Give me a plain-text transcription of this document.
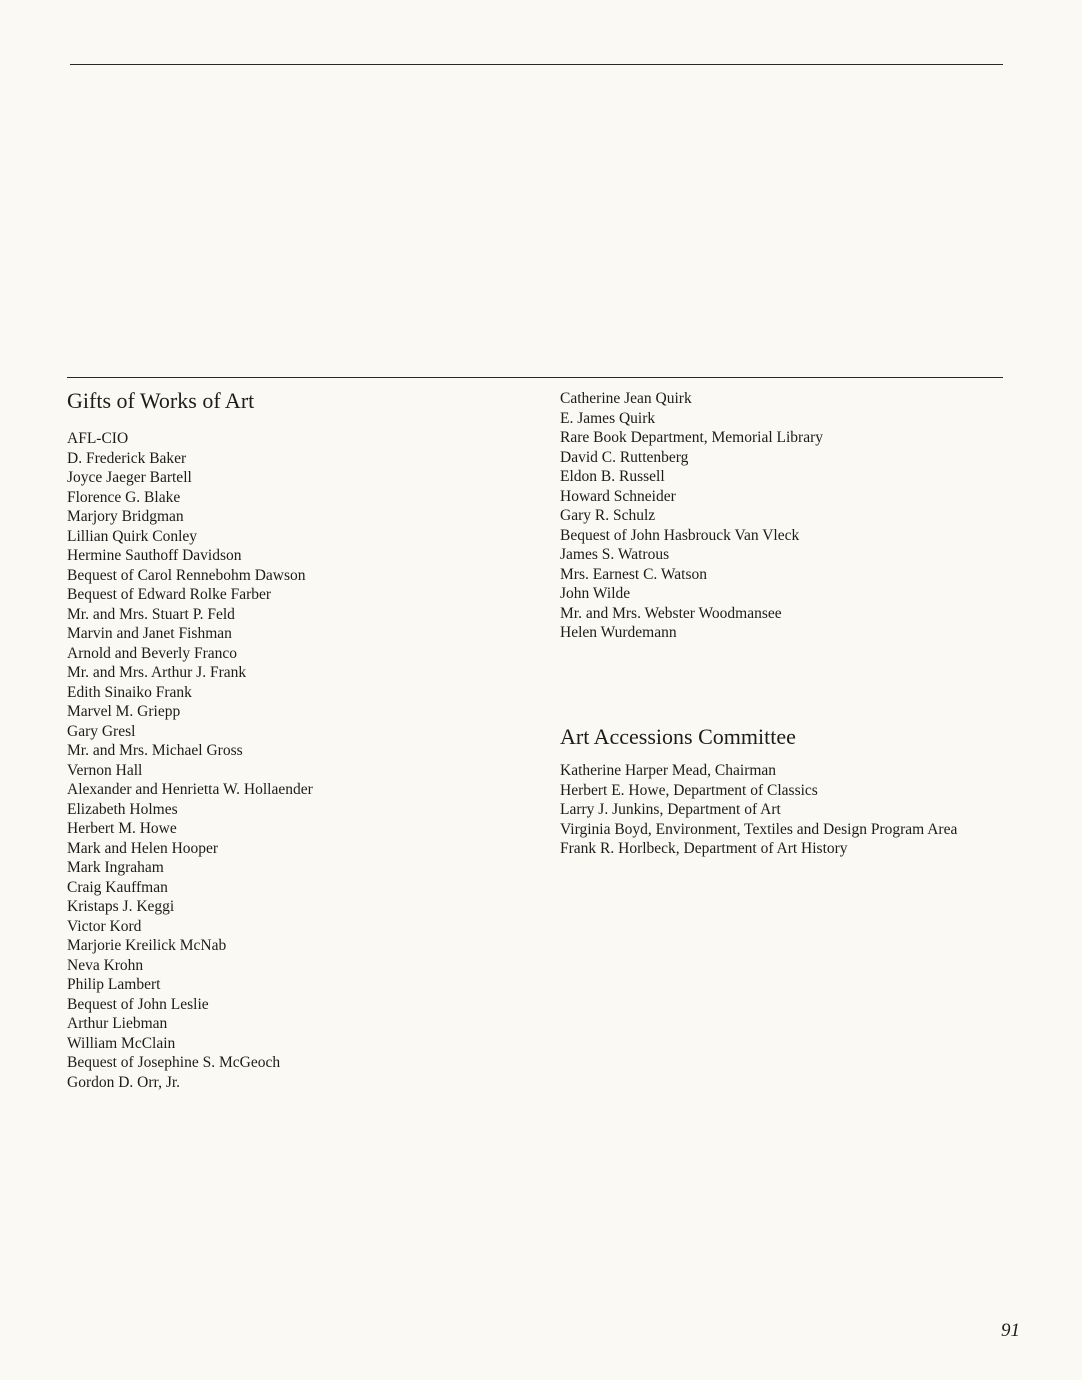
Gifts of Works of Art
AFL-CIO
D. Frederick Baker
Joyce Jaeger Bartell
Florence G. Blake
Marjory Bridgman
Lillian Quirk Conley
Hermine Sauthoff Davidson
Bequest of Carol Rennebohm Dawson
Bequest of Edward Rolke Farber
Mr. and Mrs. Stuart P. Feld
Marvin and Janet Fishman
Arnold and Beverly Franco
Mr. and Mrs. Arthur J. Frank
Edith Sinaiko Frank
Marvel M. Griepp
Gary Gresl
Mr. and Mrs. Michael Gross
Vernon Hall
Alexander and Henrietta W. Hollaender
Elizabeth Holmes
Herbert M. Howe
Mark and Helen Hooper
Mark Ingraham
Craig Kauffman
Kristaps J. Keggi
Victor Kord
Marjorie Kreilick McNab
Neva Krohn
Philip Lambert
Bequest of John Leslie
Arthur Liebman
William McClain
Bequest of Josephine S. McGeoch
Gordon D. Orr, Jr.
Catherine Jean Quirk
E. James Quirk
Rare Book Department, Memorial Library
David C. Ruttenberg
Eldon B. Russell
Howard Schneider
Gary R. Schulz
Bequest of John Hasbrouck Van Vleck
James S. Watrous
Mrs. Earnest C. Watson
John Wilde
Mr. and Mrs. Webster Woodmansee
Helen Wurdemann
Art Accessions Committee
Katherine Harper Mead, Chairman
Herbert E. Howe, Department of Classics
Larry J. Junkins, Department of Art
Virginia Boyd, Environment, Textiles and Design Program Area
Frank R. Horlbeck, Department of Art History
91
